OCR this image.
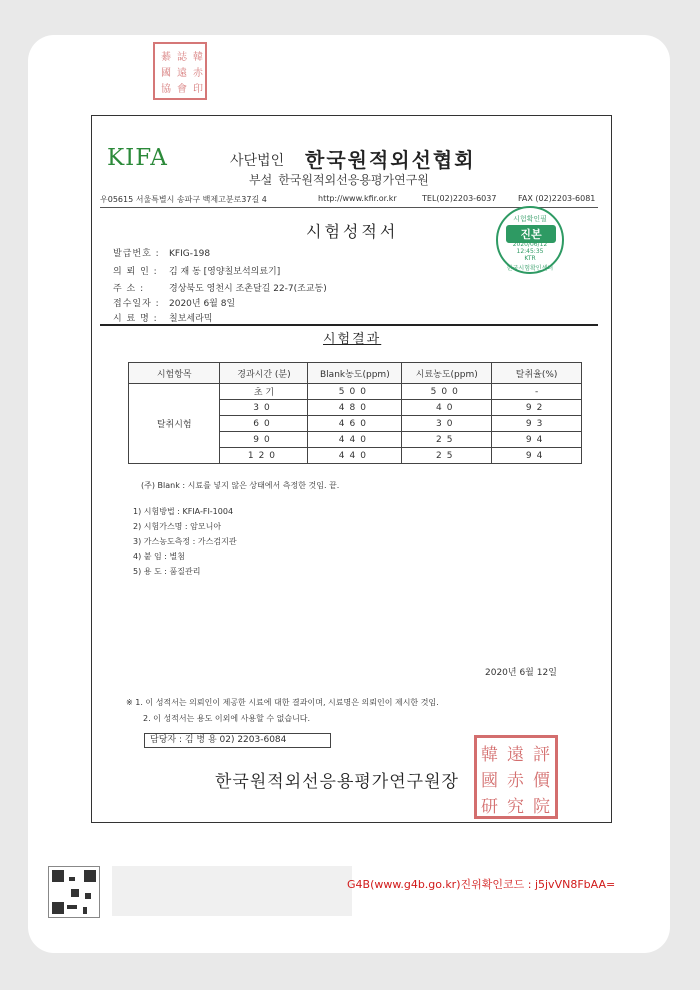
綦 誌 韓
國 遠 赤
協 會 印
KIFA	사단법인 한국원적외선협회
부설 한국원적외선응용평가연구원
우05615 서울특별시 송파구 백제고분로37길 4	http://www.kfir.or.kr	TEL(02)2203-6037	FAX (02)2203-6081
시험성적서
시험확인필
진본
2020/06/12
12:45:35
KTR
한국시험확인센터
발급번호 : KFIG-198
의 뢰 인 : 김 재 동 [영양칠보석의료기]
주 소 :	경상북도 영천시 조촌달길 22-7(조교동)
접수일자 : 2020년 6월 8일
시 료 명 : 칠보세라믹
시험결과
시험항목	경과시간 (분)	Blank농도(ppm)	시료농도(ppm)	탈취율(%)
탈취시험	초 기	500	500	-
	30	480	40	92
	60	460	30	93
	90	440	25	94
	120	440	25	94
(주) Blank : 시료를 넣지 않은 상태에서 측정한 것임. 끝.
1) 시험방법 : KFIA-FI-1004
2) 시험가스명 : 암모니아
3) 가스농도측정 : 가스검지관
4) 붙 임 : 별첨
5) 용 도 : 품질관리
2020년 6월 12일
※ 1. 이 성적서는 의뢰인이 제공한 시료에 대한 결과이며, 시료명은 의뢰인이 제시한 것임.
2. 이 성적서는 용도 이외에 사용할 수 없습니다.
담당자 : 김 병 용 02) 2203-6084
한국원적외선응용평가연구원장
韓 遠 評
國 赤 價
研 究 院
G4B(www.g4b.go.kr)진위확인코드 : j5jvVN8FbAA=
